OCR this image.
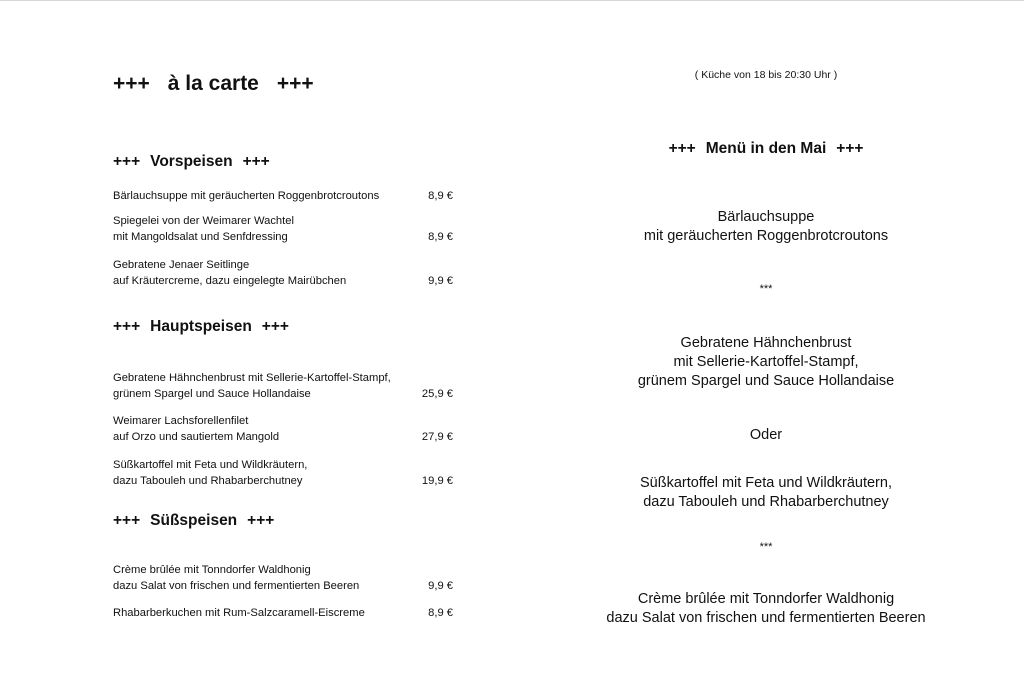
+++ à la carte +++
+++ Vorspeisen +++
Bärlauchsuppe mit geräucherten Roggenbrotcroutons	8,9 €
Spiegelei von der Weimarer Wachtel
mit Mangoldsalat und Senfdressing	8,9 €
Gebratene Jenaer Seitlinge
auf Kräutercreme, dazu eingelegte Mairübchen	9,9 €
+++ Hauptspeisen +++
Gebratene Hähnchenbrust mit Sellerie-Kartoffel-Stampf,
grünem Spargel und Sauce Hollandaise	25,9 €
Weimarer Lachsforellenfilet
auf Orzo und sautiertem Mangold	27,9 €
Süßkartoffel mit Feta und Wildkräutern,
dazu Tabouleh und Rhabarberchutney	19,9 €
+++ Süßspeisen +++
Crème brûlée mit Tonndorfer Waldhonig
dazu Salat von frischen und fermentierten Beeren	9,9 €
Rhabarberkuchen mit Rum-Salzcaramell-Eiscreme	8,9 €
( Küche von 18 bis 20:30 Uhr )
+++ Menü in den Mai +++
Bärlauchsuppe
mit geräucherten Roggenbrotcroutons
***
Gebratene Hähnchenbrust
mit Sellerie-Kartoffel-Stampf,
grünem Spargel und Sauce Hollandaise
Oder
Süßkartoffel mit Feta und Wildkräutern,
dazu Tabouleh und Rhabarberchutney
***
Crème brûlée mit Tonndorfer Waldhonig
dazu Salat von frischen und fermentierten Beeren
